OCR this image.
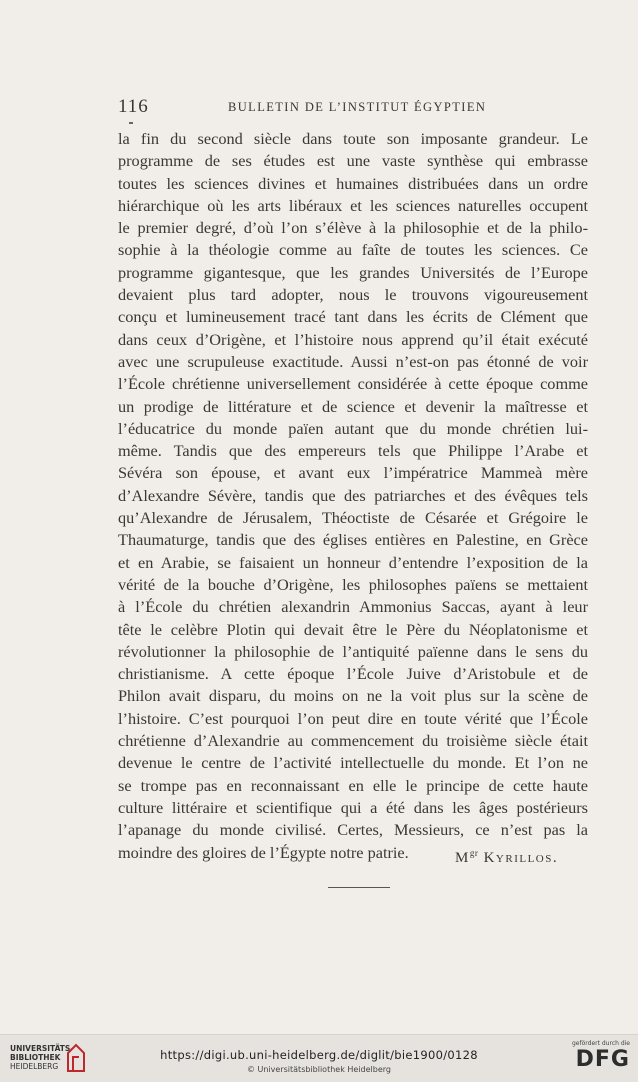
116	BULLETIN DE L’INSTITUT ÉGYPTIEN
la fin du second siècle dans toute son imposante grandeur. Le
programme de ses études est une vaste synthèse qui embrasse
toutes les sciences divines et humaines distribuées dans un ordre
hiérarchique où les arts libéraux et les sciences naturelles occupent
le premier degré, d’où l’on s’élève à la philosophie et de la philo-
sophie à la théologie comme au faîte de toutes les sciences. Ce
programme gigantesque, que les grandes Universités de l’Europe
devaient plus tard adopter, nous le trouvons vigoureusement
conçu et lumineusement tracé tant dans les écrits de Clément que
dans ceux d’Origène, et l’histoire nous apprend qu’il était exécuté
avec une scrupuleuse exactitude. Aussi n’est-on pas étonné de voir
l’École chrétienne universellement considérée à cette époque comme
un prodige de littérature et de science et devenir la maîtresse et
l’éducatrice du monde païen autant que du monde chrétien lui-
même. Tandis que des empereurs tels que Philippe l’Arabe et
Sévéra son épouse, et avant eux l’impératrice Mammeà mère
d’Alexandre Sévère, tandis que des patriarches et des évêques tels
qu’Alexandre de Jérusalem, Théoctiste de Césarée et Grégoire le
Thaumaturge, tandis que des églises entières en Palestine, en Grèce
et en Arabie, se faisaient un honneur d’entendre l’exposition de la
vérité de la bouche d’Origène, les philosophes païens se mettaient
à l’École du chrétien alexandrin Ammonius Saccas, ayant à leur
tête le celèbre Plotin qui devait être le Père du Néoplatonisme et
révolutionner la philosophie de l’antiquité païenne dans le sens du
christianisme. A cette époque l’École Juive d’Aristobule et de
Philon avait disparu, du moins on ne la voit plus sur la scène de
l’histoire. C’est pourquoi l’on peut dire en toute vérité que l’École
chrétienne d’Alexandrie au commencement du troisième siècle était
devenue le centre de l’activité intellectuelle du monde. Et l’on ne
se trompe pas en reconnaissant en elle le principe de cette haute
culture littéraire et scientifique qui a été dans les âges postérieurs
l’apanage du monde civilisé. Certes, Messieurs, ce n’est pas la
moindre des gloires de l’Égypte notre patrie.	$M^{gr}$ Kyrillos.
UNIVERSITÄTS-
BIBLIOTHEK
HEIDELBERG
https://digi.ub.uni-heidelberg.de/diglit/bie1900/0128
© Universitätsbibliothek Heidelberg
gefördert durch die
DFG
